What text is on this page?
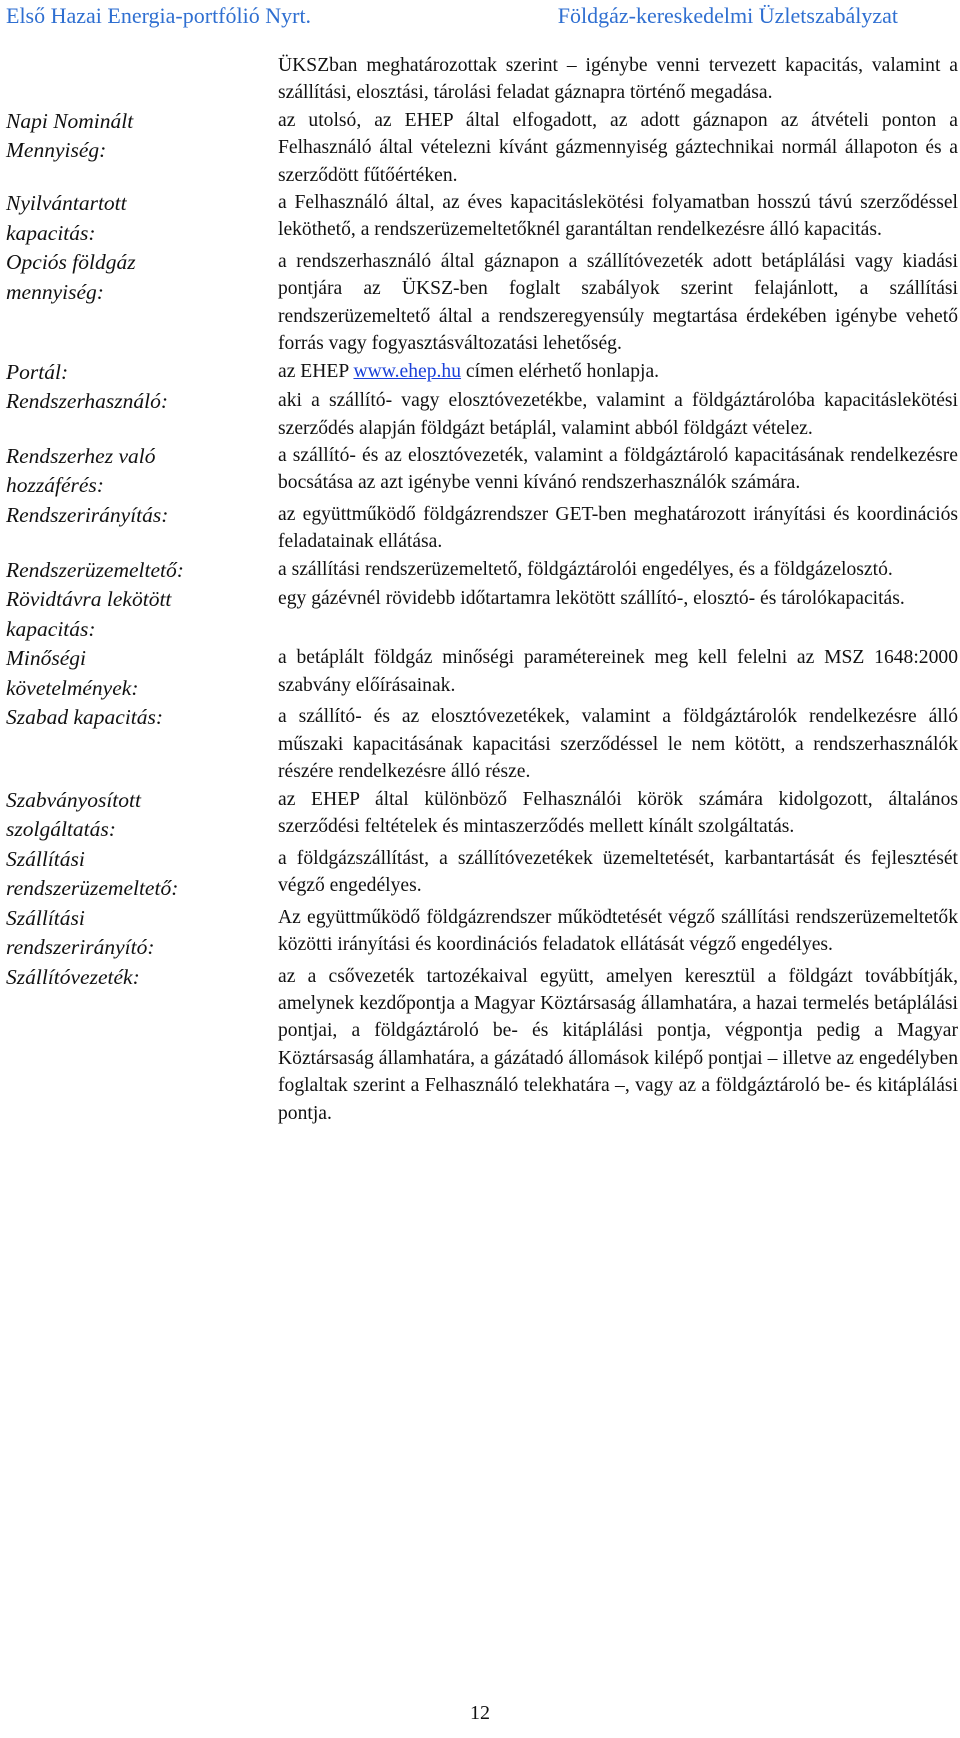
Első Hazai Energia-portfólió Nyrt.	Földgáz-kereskedelmi Üzletszabályzat

ÜKSZban meghatározottak szerint – igénybe venni tervezett kapacitás, valamint a szállítási, elosztási, tárolási feladat gáznapra történő megadása.

Napi Nominált
Mennyiség:

az utolsó, az EHEP által elfogadott, az adott gáznapon az átvételi ponton a Felhasználó által vételezni kívánt gázmennyiség gáztechnikai normál állapoton és a szerződött fűtőértéken.

Nyilvántartott
kapacitás:

a Felhasználó által, az éves kapacitáslekötési folyamatban hosszú távú szerződéssel leköthető, a rendszerüzemeltetőknél garantáltan rendelkezésre álló kapacitás.

Opciós földgáz
mennyiség:

a rendszerhasználó által gáznapon a szállítóvezeték adott betáplálási vagy kiadási pontjára az ÜKSZ-ben foglalt szabályok szerint felajánlott, a szállítási rendszerüzemeltető által a rendszeregyensúly megtartása érdekében igénybe vehető forrás vagy fogyasztásváltozatási lehetőség.

Portál:	az EHEP www.ehep.hu címen elérhető honlapja.

Rendszerhasználó:	aki a szállító- vagy elosztóvezetékbe, valamint a földgáztárolóba kapacitáslekötési szerződés alapján földgázt betáplál, valamint abból földgázt vételez.

Rendszerhez való
hozzáférés:

a szállító- és az elosztóvezeték, valamint a földgáztároló kapacitásának rendelkezésre bocsátása az azt igénybe venni kívánó rendszerhasználók számára.

Rendszerirányítás:	az együttműködő földgázrendszer GET-ben meghatározott irányítási és koordinációs feladatainak ellátása.

Rendszerüzemeltető:	a szállítási rendszerüzemeltető, földgáztárolói engedélyes, és a földgázelosztó.

Rövidtávra lekötött
kapacitás:

egy gázévnél rövidebb időtartamra lekötött szállító-, elosztó- és tárolókapacitás.

Minőségi
követelmények:

a betáplált földgáz minőségi paramétereinek meg kell felelni az MSZ 1648:2000 szabvány előírásainak.

Szabad kapacitás:	a szállító- és az elosztóvezetékek, valamint a földgáztárolók rendelkezésre álló műszaki kapacitásának kapacitási szerződéssel le nem kötött, a rendszerhasználók részére rendelkezésre álló része.

Szabványosított
szolgáltatás:

az EHEP által különböző Felhasználói körök számára kidolgozott, általános szerződési feltételek és mintaszerződés mellett kínált szolgáltatás.

Szállítási
rendszerüzemeltető:

a földgázszállítást, a szállítóvezetékek üzemeltetését, karbantartását és fejlesztését végző engedélyes.

Szállítási
rendszerirányító:

Az együttműködő földgázrendszer működtetését végző szállítási rendszerüzemeltetők közötti irányítási és koordinációs feladatok ellátását végző engedélyes.

Szállítóvezeték:	az a csővezeték tartozékaival együtt, amelyen keresztül a földgázt továbbítják, amelynek kezdőpontja a Magyar Köztársaság államhatára, a hazai termelés betáplálási pontjai, a földgáztároló be- és kitáplálási pontja, végpontja pedig a Magyar Köztársaság államhatára, a gázátadó állomások kilépő pontjai – illetve az engedélyben foglaltak szerint a Felhasználó telekhatára –, vagy az a földgáztároló be- és kitáplálási pontja.

12
